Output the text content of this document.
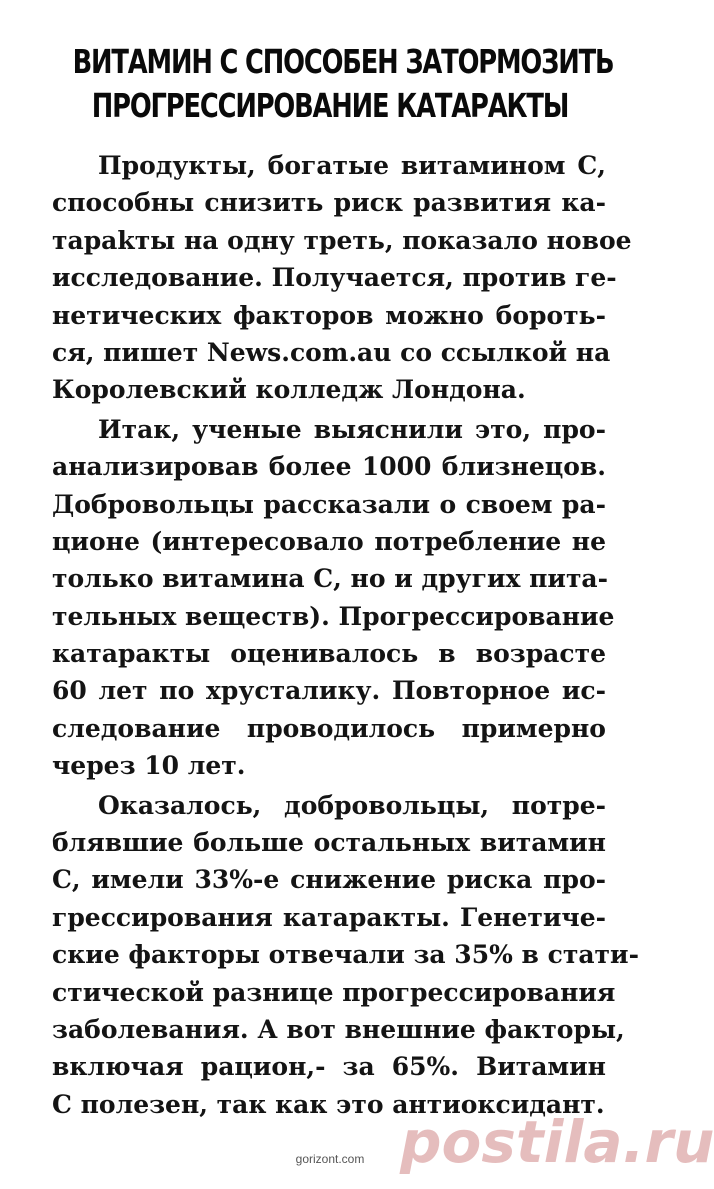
ВИТАМИН С СПОСОБЕН ЗАТОРМОЗИТЬ
ПРОГРЕССИРОВАНИЕ КАТАРАКТЫ
Продукты, богатые витамином С,
способны снизить риск развития ка-
тарakты на одну треть, показало новое
исследование. Получается, против ге-
нетических факторов можно бороть-
ся, пишет News.com.au со ссылкой на
Королевский колледж Лондона.
Итак, ученые выяснили это, про-
анализировав более 1000 близнецов.
Добровольцы рассказали о своем ра-
ционе (интересовало потребление не
только витамина С, но и других пита-
тельных веществ). Прогрессирование
катаракты оценивалось в возрасте
60 лет по хрусталику. Повторное ис-
следование проводилось примерно
через 10 лет.
Оказалось, добровольцы, потре-
блявшие больше остальных витамин
С, имели 33%-е снижение риска про-
грессирования катаракты. Генетиче-
ские факторы отвечали за 35% в стати-
стической разнице прогрессирования
заболевания. А вот внешние факторы,
включая рацион,- за 65%. Витамин
С полезен, так как это антиоксидант.
gorizont.com postila.ru
